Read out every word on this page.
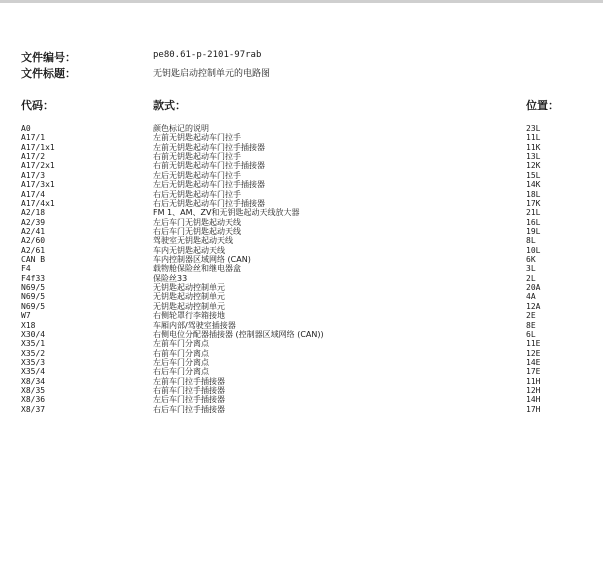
文件编号：	pe80.61-p-2101-97rab
文件标题：	无钥匙启动控制单元的电路图
代码：	款式：	位置：
A0	颜色标记的说明	23L
A17/1	左前无钥匙起动车门拉手	11L
A17/1x1	左前无钥匙起动车门拉手插接器	11K
A17/2	右前无钥匙起动车门拉手	13L
A17/2x1	右前无钥匙起动车门拉手插接器	12K
A17/3	左后无钥匙起动车门拉手	15L
A17/3x1	左后无钥匙起动车门拉手插接器	14K
A17/4	右后无钥匙起动车门拉手	18L
A17/4x1	右后无钥匙起动车门拉手插接器	17K
A2/18	FM 1、AM、ZV和无钥匙起动天线放大器	21L
A2/39	左后车门无钥匙起动天线	16L
A2/41	右后车门无钥匙起动天线	19L
A2/60	驾驶室无钥匙起动天线	8L
A2/61	车内无钥匙起动天线	10L
CAN B	车内控制器区域网络 (CAN)	6K
F4	载物舱保险丝和继电器盒	3L
F4f33	保险丝33	2L
N69/5	无钥匙起动控制单元	20A
N69/5	无钥匙起动控制单元	4A
N69/5	无钥匙起动控制单元	12A
W7	右侧轮罩行李箱接地	2E
X18	车厢内部/驾驶室插接器	8E
X30/4	右侧电位分配器插接器 (控制器区域网络 (CAN))	6L
X35/1	左前车门分离点	11E
X35/2	右前车门分离点	12E
X35/3	左后车门分离点	14E
X35/4	右后车门分离点	17E
X8/34	左前车门拉手插接器	11H
X8/35	右前车门拉手插接器	12H
X8/36	左后车门拉手插接器	14H
X8/37	右后车门拉手插接器	17H
